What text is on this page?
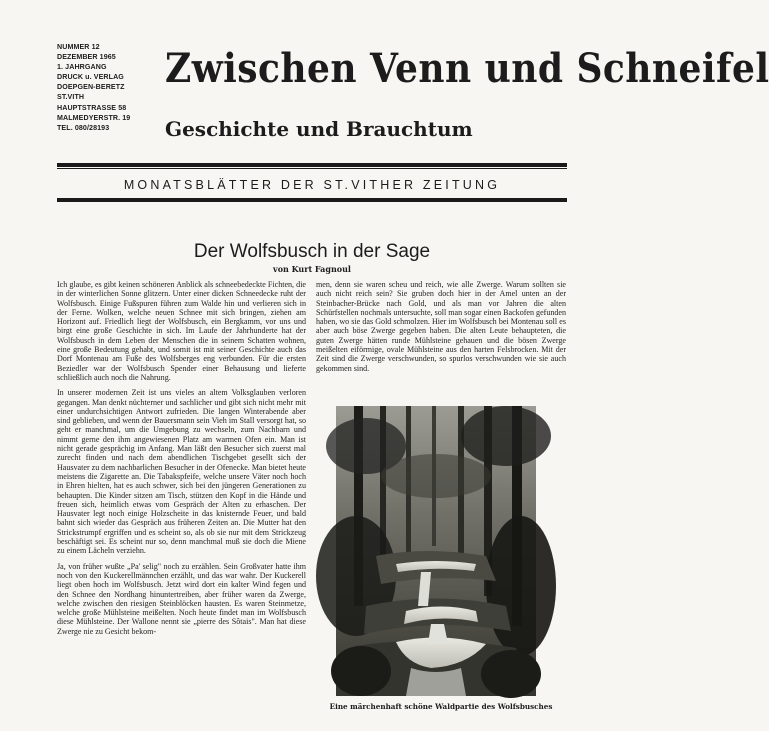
NUMMER 12
DEZEMBER 1965
1. JAHRGANG
DRUCK u. VERLAG
DOEPGEN-BERETZ
ST.VITH
HAUPTSTRASSE 58
MALMEDYERSTR. 19
TEL. 080/28193
Zwischen Venn und Schneifel
Geschichte und Brauchtum
MONATSBLÄTTER DER ST.VITHER ZEITUNG
Der Wolfsbusch in der Sage
von Kurt Fagnoul

Ich glaube, es gibt keinen schöneren Anblick als schneebedeckte Fichten, die in der winterlichen Sonne glitzern. Unter einer dicken Schneedecke ruht der Wolfsbusch. Einige Fußspuren führen zum Walde hin und verlieren sich in der Ferne. Wolken, welche neuen Schnee mit sich bringen, ziehen am Horizont auf. Friedlich liegt der Wolfsbusch, ein Bergkamm, vor uns und birgt eine große Geschichte in sich. Im Laufe der Jahrhunderte hat der Wolfsbusch in dem Leben der Menschen die in seinem Schatten wohnen, eine große Bedeutung gehabt, und somit ist mit seiner Geschichte auch das Dorf Montenau am Fuße des Wolfsberges eng verbunden. Für die ersten Beziedler war der Wolfsbusch Spender einer Behausung und lieferte schließlich auch noch die Nahrung.

In unserer modernen Zeit ist uns vieles an altem Volksglauben verloren gegangen. Man denkt nüchterner und sachlicher und gibt sich nicht mehr mit einer undurchsichtigen Antwort zufrieden. Die langen Winterabende aber sind geblieben, und wenn der Bauersmann sein Vieh im Stall versorgt hat, so geht er manchmal, um die Umgebung zu wechseln, zum Nachbarn und nimmt gerne den ihm angewiesenen Platz am warmen Ofen ein. Man ist nicht gerade gesprächig im Anfang. Man läßt den Besucher sich zuerst mal zurecht finden und nach dem abendlichen Tischgebet gesellt sich der Hausvater zu dem nachbarlichen Besucher in der Ofenecke. Man bietet heute meistens die Zigarette an. Die Tabakspfeife, welche unsere Väter noch hoch in Ehren hielten, hat es auch schwer, sich bei den jüngeren Generationen zu behaupten. Die Kinder sitzen am Tisch, stützen den Kopf in die Hände und freuen sich, heimlich etwas vom Gespräch der Alten zu erhaschen. Der Hausvater legt noch einige Holzscheite in das knisternde Feuer, und bald bahnt sich wieder das Gespräch aus früheren Zeiten an. Die Mutter hat den Strickstrumpf ergriffen und es scheint so, als ob sie nur mit dem Strickzeug beschäftigt sei. Es scheint nur so, denn manchmal muß sie doch die Miene zu einem Lächeln verziehn.

Ja, von früher wußte „Pa' selig" noch zu erzählen. Sein Großvater hatte ihm noch von den Kuckerellmännchen erzählt, und das war wahr. Der Kuckerell liegt oben hoch im Wolfsbusch. Jetzt wird dort ein kalter Wind fegen und den Schnee den Nordhang hinuntertreiben, aber früher waren da Zwerge, welche zwischen den riesigen Steinblöcken hausten. Es waren Steinmetze, welche große Mühlsteine meißelten. Noch heute findet man im Wolfsbusch diese Mühlsteine. Der Wallone nennt sie „pierre des Sôtais". Man hat diese Zwerge nie zu Gesicht bekom-

men, denn sie waren scheu und reich, wie alle Zwerge. Warum sollten sie auch nicht reich sein? Sie gruben doch hier in der Amel unten an der Steinbacher-Brücke nach Gold, und als man vor Jahren die alten Schürfstellen nochmals untersuchte, soll man sogar einen Backofen gefunden haben, wo sie das Gold schmolzen. Hier im Wolfsbusch bei Montenau soll es aber auch böse Zwerge gegeben haben. Die alten Leute behaupteten, die guten Zwerge hätten runde Mühlsteine gehauen und die bösen Zwerge meißelten eiförmige, ovale Mühlsteine aus den harten Felsbrocken. Mit der Zeit sind die Zwerge verschwunden, so spurlos verschwunden wie sie auch gekommen sind.

Eine märchenhaft schöne Waldpartie des Wolfsbusches
